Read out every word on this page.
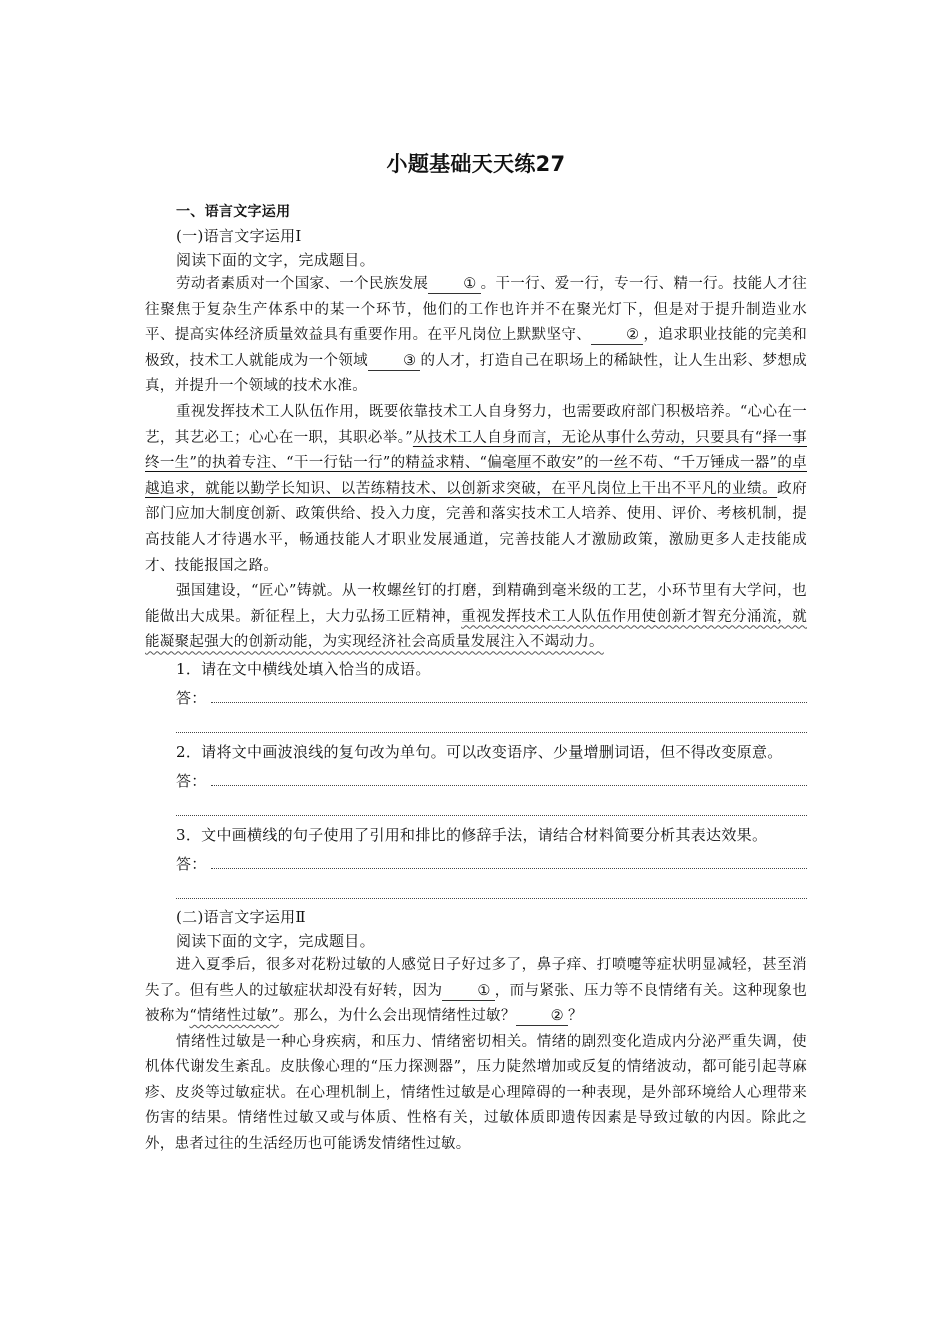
小题基础天天练27
一、语言文字运用
(一)语言文字运用Ⅰ
阅读下面的文字，完成题目。

劳动者素质对一个国家、一个民族发展 ① 。干一行、爱一行，专一行、精一行。技能人才往往聚焦于复杂生产体系中的某一个环节，他们的工作也许并不在聚光灯下，但是对于提升制造业水平、提高实体经济质量效益具有重要作用。在平凡岗位上默默坚守、 ② ，追求职业技能的完美和极致，技术工人就能成为一个领域 ③ 的人才，打造自己在职场上的稀缺性，让人生出彩、梦想成真，并提升一个领域的技术水准。

重视发挥技术工人队伍作用，既要依靠技术工人自身努力，也需要政府部门积极培养。“心心在一艺，其艺必工；心心在一职，其职必举。”从技术工人自身而言，无论从事什么劳动，只要具有“择一事终一生”的执着专注、“干一行钻一行”的精益求精、“偏毫厘不敢安”的一丝不苟、“千万锤成一器”的卓越追求，就能以勤学长知识、以苦练精技术、以创新求突破，在平凡岗位上干出不平凡的业绩。政府部门应加大制度创新、政策供给、投入力度，完善和落实技术工人培养、使用、评价、考核机制，提高技能人才待遇水平，畅通技能人才职业发展通道，完善技能人才激励政策，激励更多人走技能成才、技能报国之路。

强国建设，“匠心”铸就。从一枚螺丝钉的打磨，到精确到毫米级的工艺，小环节里有大学问，也能做出大成果。新征程上，大力弘扬工匠精神，重视发挥技术工人队伍作用使创新才智充分涌流，就能凝聚起强大的创新动能，为实现经济社会高质量发展注入不竭动力。

1．请在文中横线处填入恰当的成语。

答：

2．请将文中画波浪线的复句改为单句。可以改变语序、少量增删词语，但不得改变原意。

答：

3．文中画横线的句子使用了引用和排比的修辞手法，请结合材料简要分析其表达效果。

答：
(二)语言文字运用Ⅱ
阅读下面的文字，完成题目。

进入夏季后，很多对花粉过敏的人感觉日子好过多了，鼻子痒、打喷嚏等症状明显减轻，甚至消失了。但有些人的过敏症状却没有好转，因为 ① ，而与紧张、压力等不良情绪有关。这种现象也被称为“情绪性过敏”。那么，为什么会出现情绪性过敏？ ② ？

情绪性过敏是一种心身疾病，和压力、情绪密切相关。情绪的剧烈变化造成内分泌严重失调，使机体代谢发生紊乱。皮肤像心理的“压力探测器”，压力陡然增加或反复的情绪波动，都可能引起荨麻疹、皮炎等过敏症状。在心理机制上，情绪性过敏是心理障碍的一种表现，是外部环境给人心理带来伤害的结果。情绪性过敏又或与体质、性格有关，过敏体质即遗传因素是导致过敏的内因。除此之外，患者过往的生活经历也可能诱发情绪性过敏。
